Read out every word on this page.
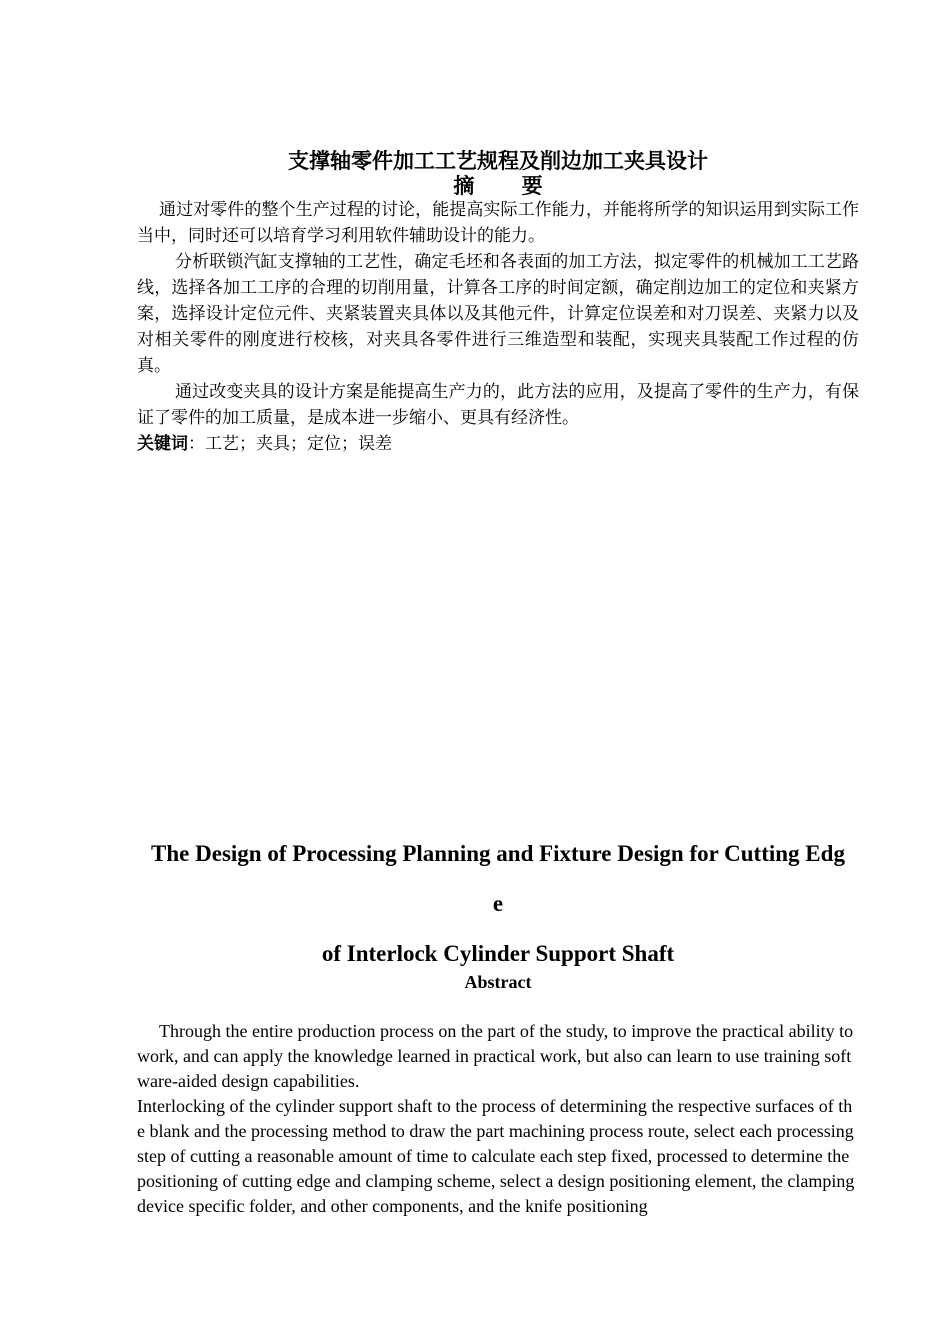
支撑轴零件加工工艺规程及削边加工夹具设计
摘 要

通过对零件的整个生产过程的讨论，能提高实际工作能力，并能将所学的知识运用到实际工作当中，同时还可以培育学习利用软件辅助设计的能力。

分析联锁汽缸支撑轴的工艺性，确定毛坯和各表面的加工方法，拟定零件的机械加工工艺路线，选择各加工工序的合理的切削用量，计算各工序的时间定额，确定削边加工的定位和夹紧方案，选择设计定位元件、夹紧装置夹具体以及其他元件，计算定位误差和对刀误差、夹紧力以及对相关零件的刚度进行校核，对夹具各零件进行三维造型和装配，实现夹具装配工作过程的仿真。

通过改变夹具的设计方案是能提高生产力的，此方法的应用，及提高了零件的生产力，有保证了零件的加工质量，是成本进一步缩小、更具有经济性。

关键词：工艺；夹具；定位；误差

The Design of Processing Planning and Fixture Design for Cutting Edg
e
of Interlock Cylinder Support Shaft
Abstract

Through the entire production process on the part of the study, to improve the practical ability to work, and can apply the knowledge learned in practical work, but also can learn to use training software-aided design capabilities.

Interlocking of the cylinder support shaft to the process of determining the respective surfaces of the blank and the processing method to draw the part machining process route, select each processing step of cutting a reasonable amount of time to calculate each step fixed, processed to determine the positioning of cutting edge and clamping scheme, select a design positioning element, the clamping device specific folder, and other components, and the knife positioning
